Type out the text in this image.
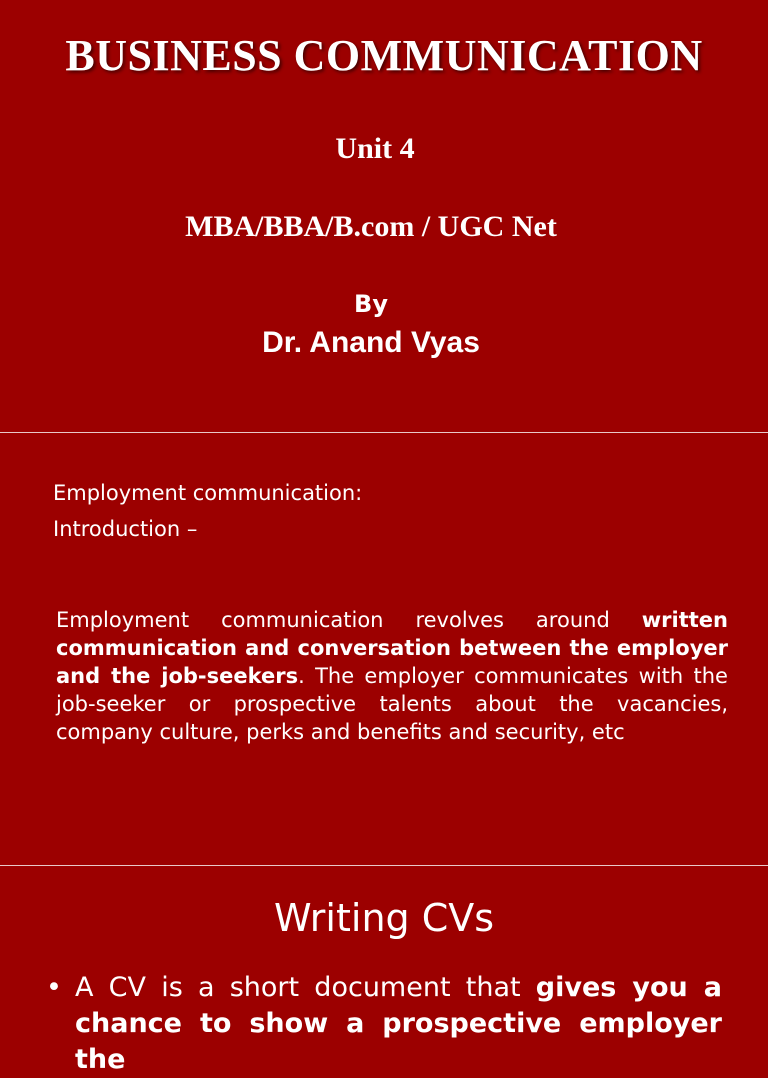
BUSINESS COMMUNICATION
Unit 4
MBA/BBA/B.com / UGC Net
By
Dr. Anand Vyas
Employment communication:
Introduction –

Employment communication revolves around written communication and conversation between the employer and the job-seekers. The employer communicates with the job-seeker or prospective talents about the vacancies, company culture, perks and benefits and security, etc

Writing CVs
• A CV is a short document that gives you a chance to show a prospective employer the
